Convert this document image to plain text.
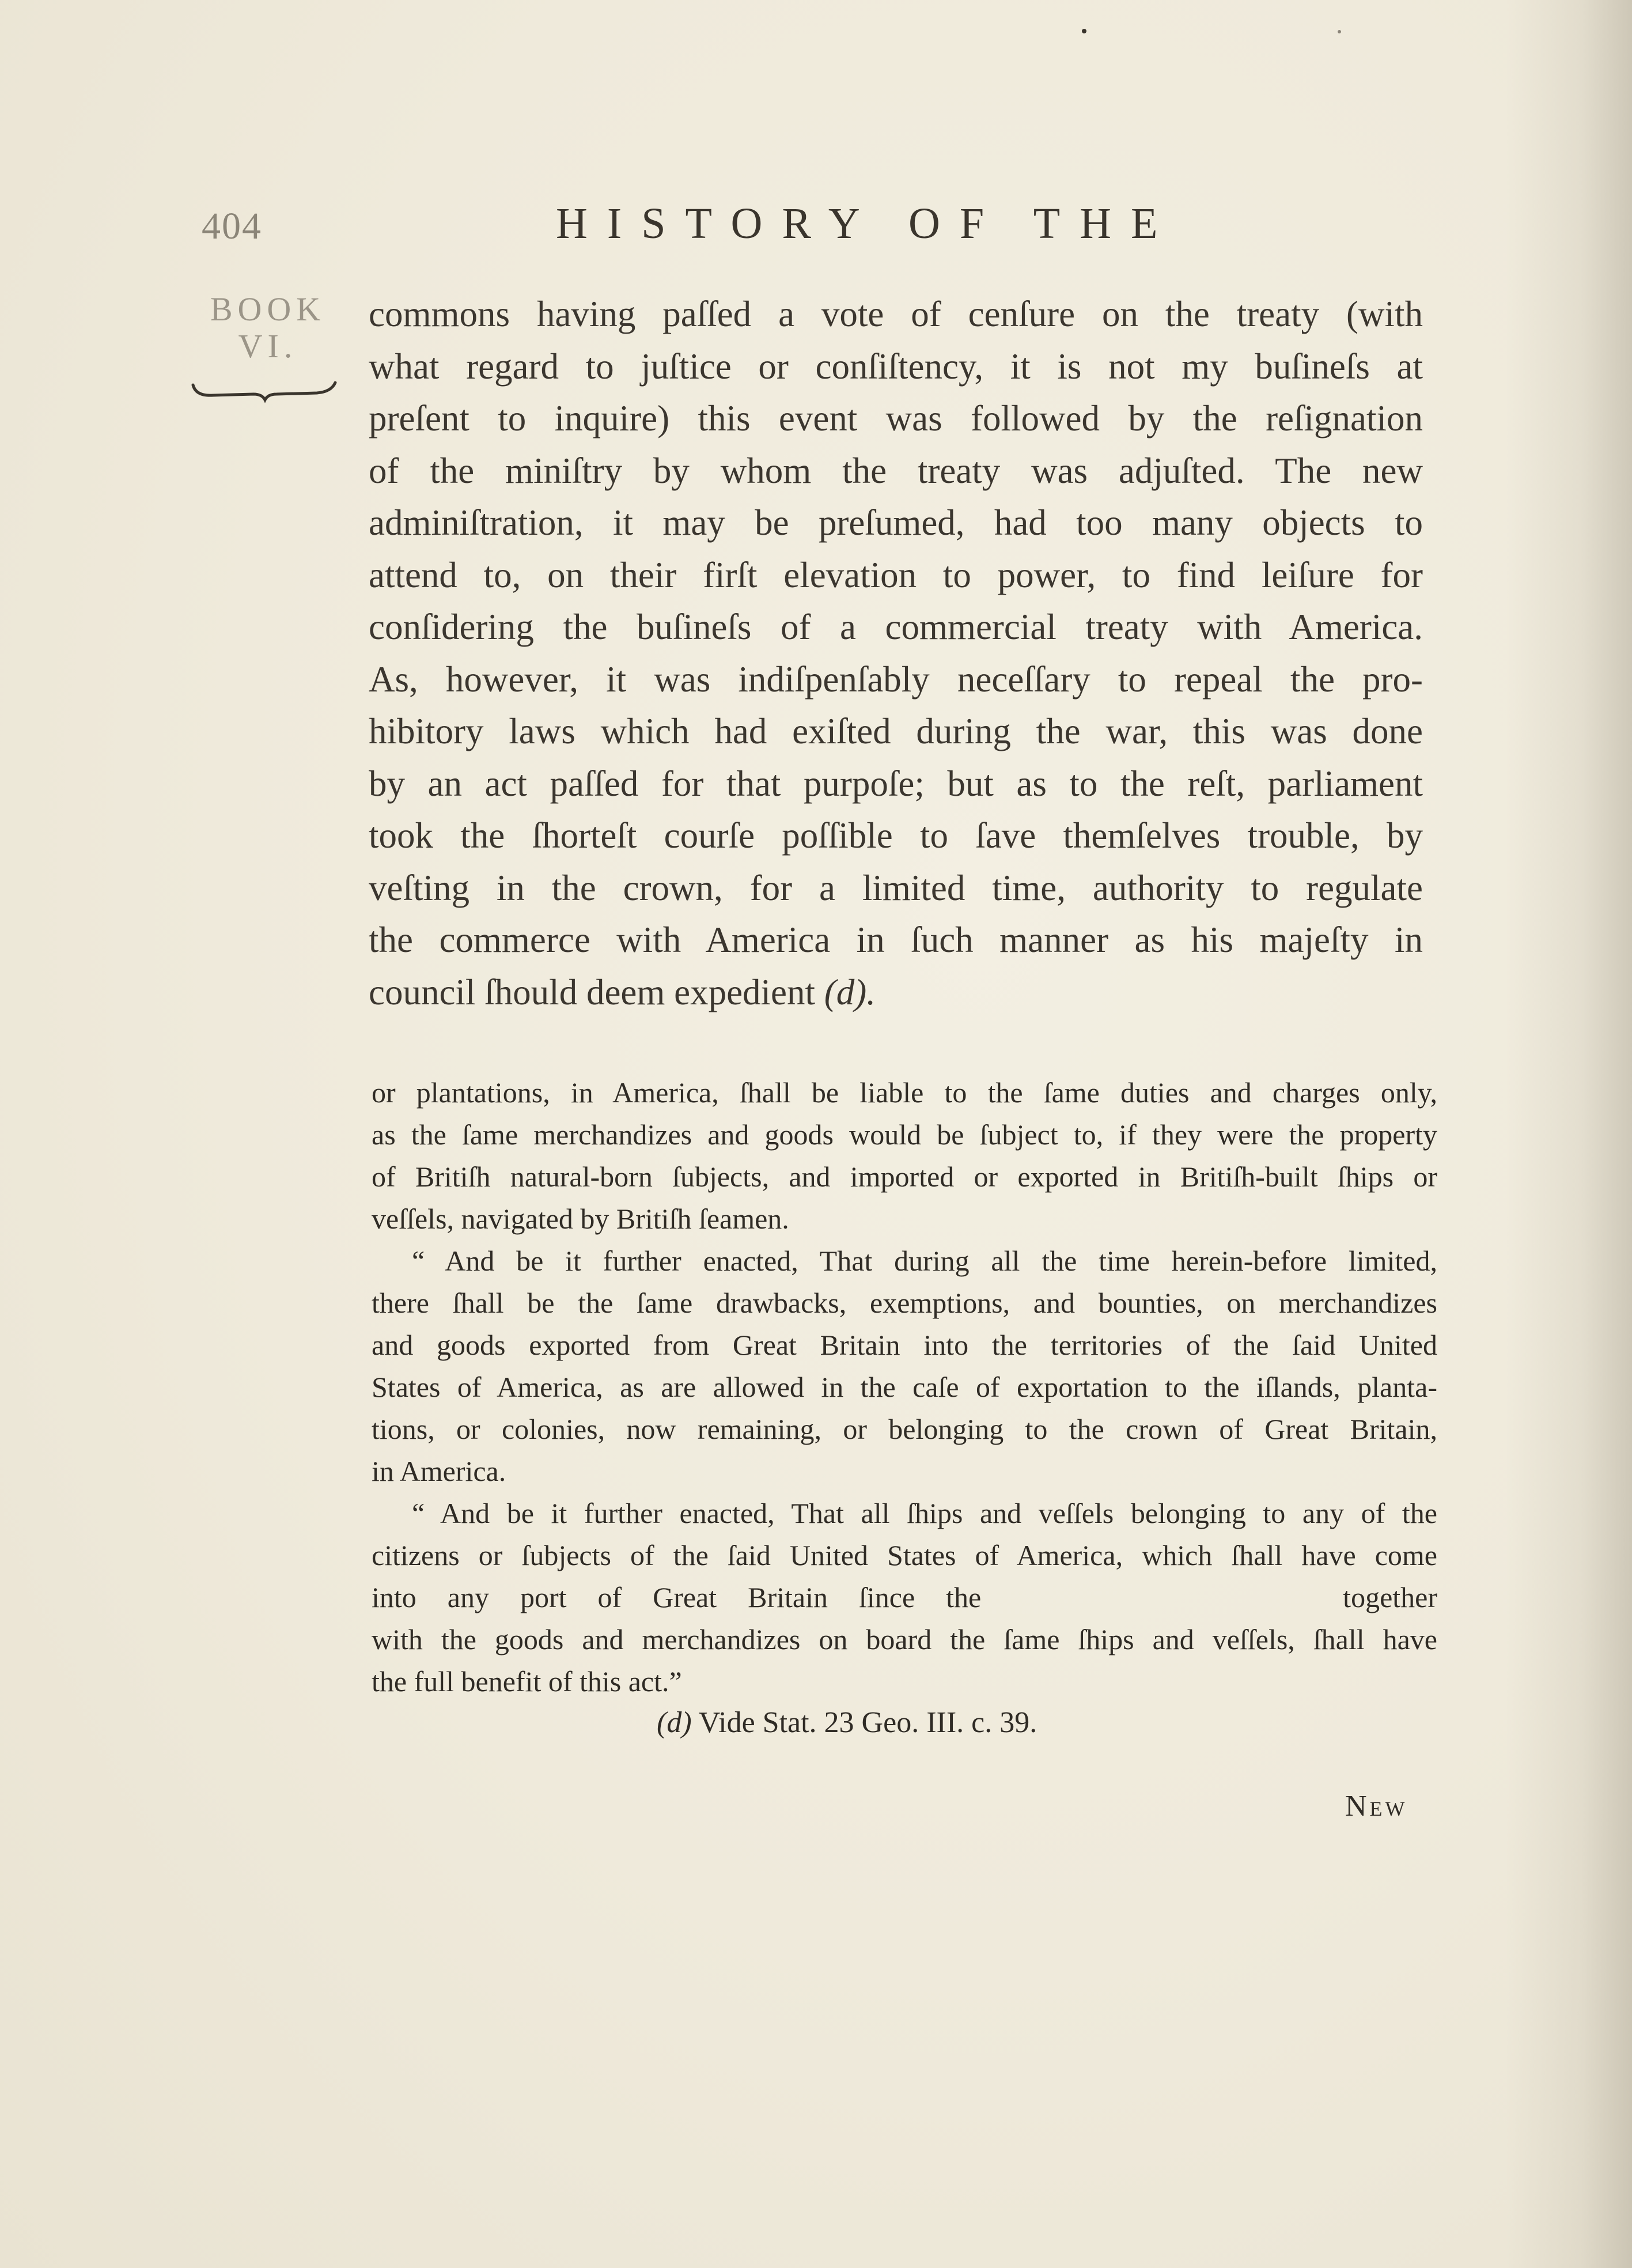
404	HISTORY OF THE
BOOK
VI.
commons having paſſed a vote of cenſure on the treaty (with
what regard to juſtice or conſiſtency, it is not my buſineſs at
preſent to inquire) this event was followed by the reſignation
of the miniſtry by whom the treaty was adjuſted. The new
adminiſtration, it may be preſumed, had too many objects to
attend to, on their firſt elevation to power, to find leiſure for
conſidering the buſineſs of a commercial treaty with America.
As, however, it was indiſpenſably neceſſary to repeal the pro-
hibitory laws which had exiſted during the war, this was done
by an act paſſed for that purpoſe; but as to the reſt, parliament
took the ſhorteſt courſe poſſible to ſave themſelves trouble, by
veſting in the crown, for a limited time, authority to regulate
the commerce with America in ſuch manner as his majeſty in
council ſhould deem expedient (d).
or plantations, in America, ſhall be liable to the ſame duties and charges only,
as the ſame merchandizes and goods would be ſubject to, if they were the property
of Britiſh natural-born ſubjects, and imported or exported in Britiſh-built ſhips or
veſſels, navigated by Britiſh ſeamen.
“ And be it further enacted, That during all the time herein-before limited,
there ſhall be the ſame drawbacks, exemptions, and bounties, on merchandizes
and goods exported from Great Britain into the territories of the ſaid United
States of America, as are allowed in the caſe of exportation to the iſlands, planta-
tions, or colonies, now remaining, or belonging to the crown of Great Britain,
in America.
“ And be it further enacted, That all ſhips and veſſels belonging to any of the
citizens or ſubjects of the ſaid United States of America, which ſhall have come
into any port of Great Britain ſince the	together
with the goods and merchandizes on board the ſame ſhips and veſſels, ſhall have
the full benefit of this act.”
(d) Vide Stat. 23 Geo. III. c. 39.
New
